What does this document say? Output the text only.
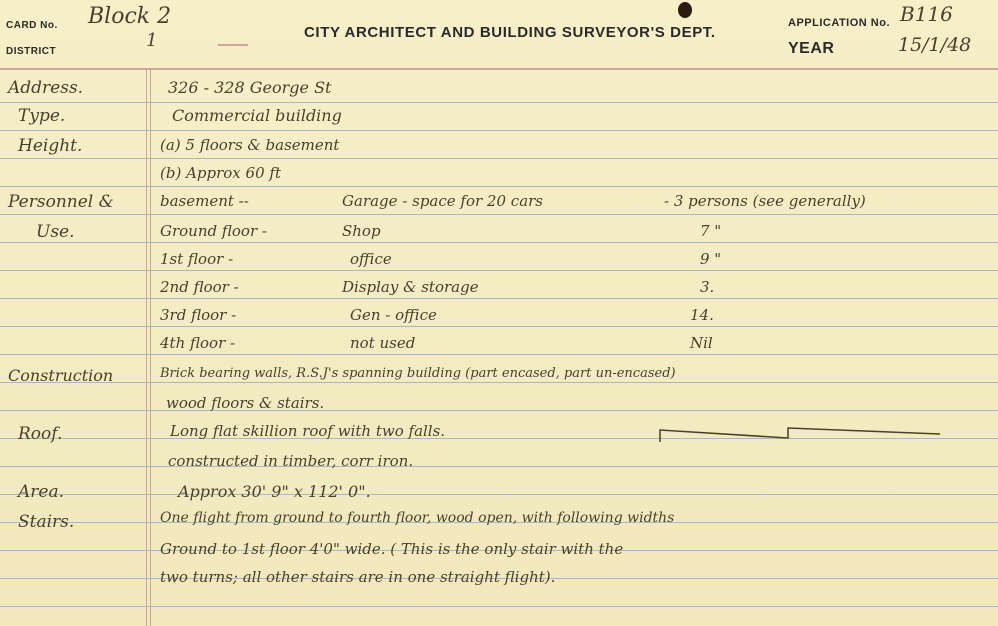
CARD No. Block 2
DISTRICT
1	CITY ARCHITECT AND BUILDING SURVEYOR'S DEPT.
APPLICATION No. B116
YEAR	15/1/48
Address.	326 - 328 George St
Type.	Commercial building
Height.	(a) 5 floors & basement
(b) Approx 60 ft
Personnel &
Use.
basement --	Garage - space for 20 cars	- 3 persons (see generally)
Ground floor -	Shop	7 "
1st floor -	office	9 "
2nd floor -	Display & storage	3.
3rd floor -	Gen - office	14.
4th floor -	not used	Nil
Construction	Brick bearing walls, R.S.J's spanning building (part encased, part un-encased)
wood floors & stairs.
Roof.	Long flat skillion roof with two falls.
constructed in timber, corr iron.
Area.	Approx 30' 9" x 112' 0".
Stairs.	One flight from ground to fourth floor, wood open, with following widths
Ground to 1st floor 4'0" wide. ( This is the only stair with the
two turns; all other stairs are in one straight flight).
